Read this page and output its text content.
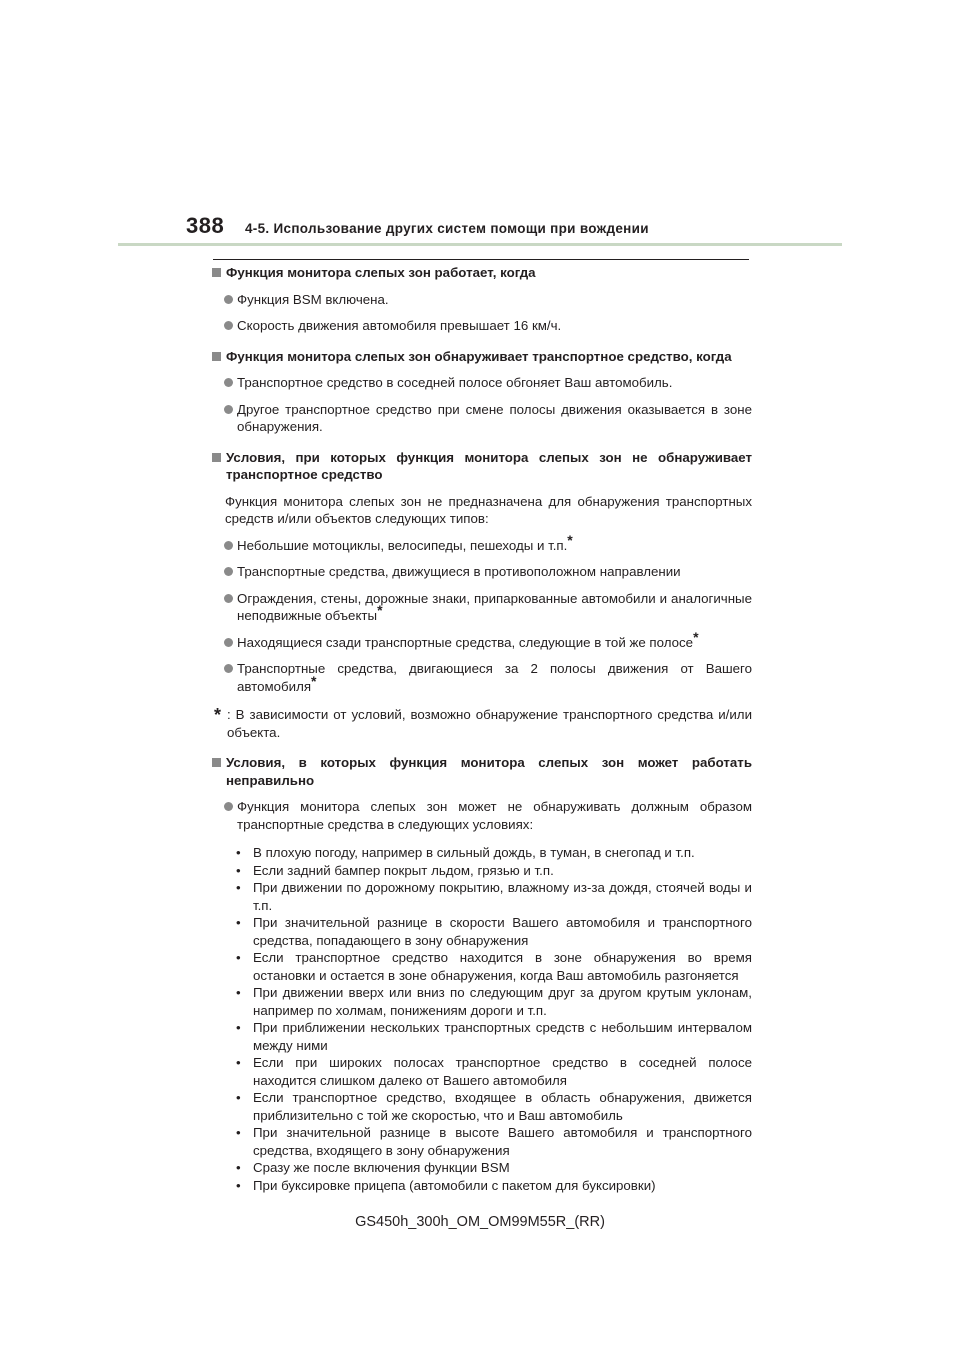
388 4-5. Использование других систем помощи при вождении
Функция монитора слепых зон работает, когда
Функция BSM включена.
Скорость движения автомобиля превышает 16 км/ч.
Функция монитора слепых зон обнаруживает транспортное средство, когда
Транспортное средство в соседней полосе обгоняет Ваш автомобиль.
Другое транспортное средство при смене полосы движения оказывается в зоне обнаружения.
Условия, при которых функция монитора слепых зон не обнаруживает транспортное средство
Функция монитора слепых зон не предназначена для обнаружения транспортных средств и/или объектов следующих типов:
Небольшие мотоциклы, велосипеды, пешеходы и т.п.*
Транспортные средства, движущиеся в противоположном направлении
Ограждения, стены, дорожные знаки, припаркованные автомобили и аналогичные неподвижные объекты*
Находящиеся сзади транспортные средства, следующие в той же полосе*
Транспортные средства, двигающиеся за 2 полосы движения от Вашего автомобиля*
* : В зависимости от условий, возможно обнаружение транспортного средства и/или объекта.
Условия, в которых функция монитора слепых зон может работать неправильно
Функция монитора слепых зон может не обнаруживать должным образом транспортные средства в следующих условиях:
• В плохую погоду, например в сильный дождь, в туман, в снегопад и т.п.
• Если задний бампер покрыт льдом, грязью и т.п.
• При движении по дорожному покрытию, влажному из-за дождя, стоячей воды и т.п.
• При значительной разнице в скорости Вашего автомобиля и транспортного средства, попадающего в зону обнаружения
• Если транспортное средство находится в зоне обнаружения во время остановки и остается в зоне обнаружения, когда Ваш автомобиль разгоняется
• При движении вверх или вниз по следующим друг за другом крутым уклонам, например по холмам, понижениям дороги и т.п.
• При приближении нескольких транспортных средств с небольшим интервалом между ними
• Если при широких полосах транспортное средство в соседней полосе находится слишком далеко от Вашего автомобиля
• Если транспортное средство, входящее в область обнаружения, движется приблизительно с той же скоростью, что и Ваш автомобиль
• При значительной разнице в высоте Вашего автомобиля и транспортного средства, входящего в зону обнаружения
• Сразу же после включения функции BSM
• При буксировке прицепа (автомобили с пакетом для буксировки)
GS450h_300h_OM_OM99M55R_(RR)
